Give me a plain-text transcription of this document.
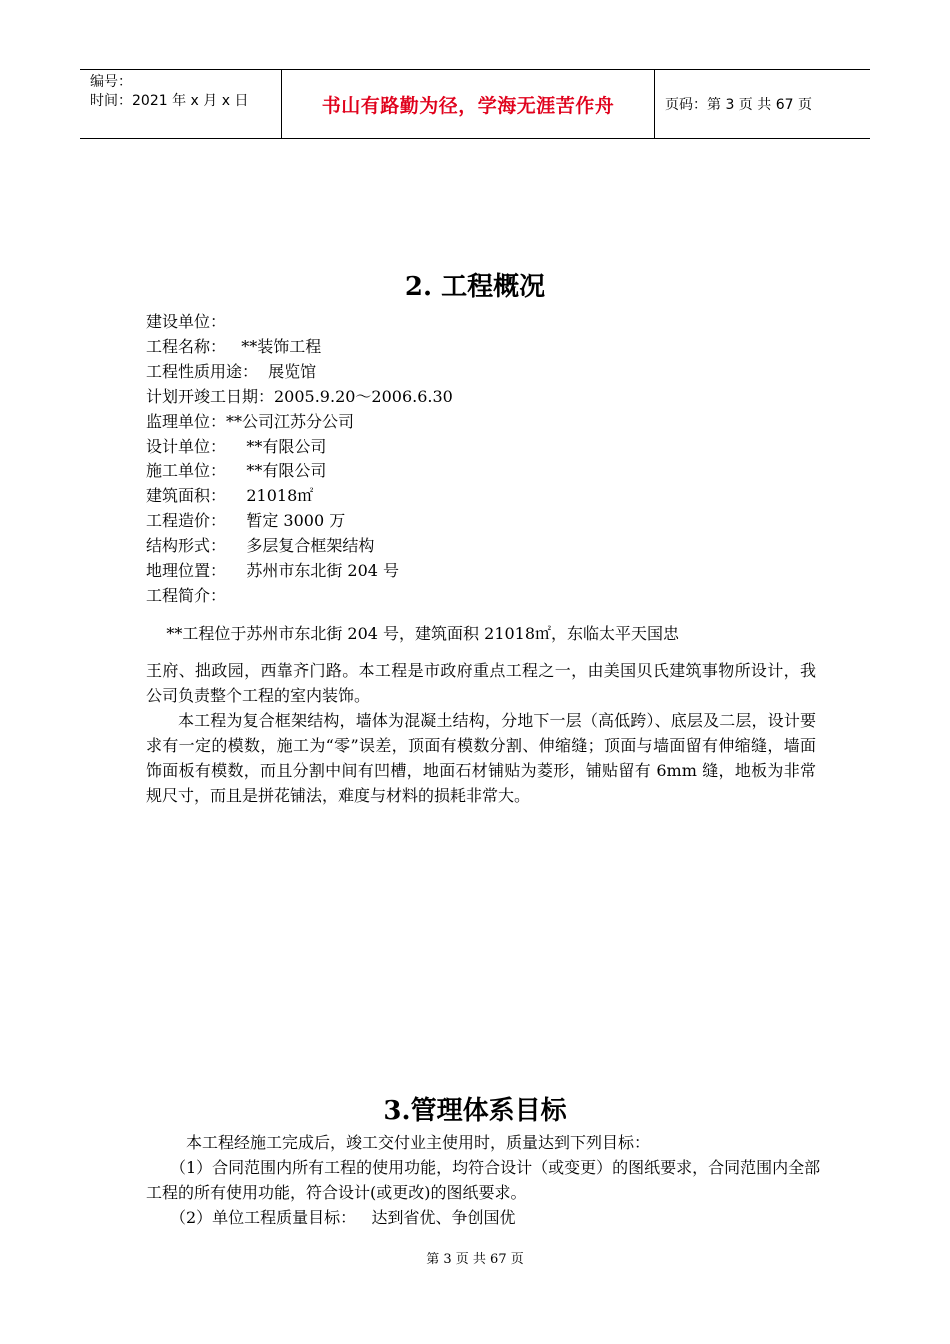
编号：
时间：2021 年 x 月 x 日	书山有路勤为径，学海无涯苦作舟	页码：第 3 页 共 67 页
2. 工程概况
建设单位：
工程名称：   **装饰工程
工程性质用途：  展览馆
计划开竣工日期：2005.9.20～2006.6.30
监理单位：**公司江苏分公司
设计单位：    **有限公司
施工单位：    **有限公司
建筑面积：    21018㎡
工程造价：    暂定 3000 万
结构形式：    多层复合框架结构
地理位置：    苏州市东北街 204 号
工程简介：
**工程位于苏州市东北街 204 号，建筑面积 21018㎡，东临太平天国忠
王府、拙政园，西靠齐门路。本工程是市政府重点工程之一，由美国贝氏建筑事物所设计，我公司负责整个工程的室内装饰。
本工程为复合框架结构，墙体为混凝土结构，分地下一层（高低跨）、底层及二层，设计要求有一定的模数，施工为“零”误差，顶面有模数分割、伸缩缝；顶面与墙面留有伸缩缝，墙面饰面板有模数，而且分割中间有凹槽，地面石材铺贴为菱形，铺贴留有 6mm 缝，地板为非常规尺寸，而且是拼花铺法，难度与材料的损耗非常大。
3.管理体系目标
本工程经施工完成后，竣工交付业主使用时，质量达到下列目标：
（1）合同范围内所有工程的使用功能，均符合设计（或变更）的图纸要求，合同范围内全部工程的所有使用功能，符合设计(或更改)的图纸要求。
（2）单位工程质量目标：   达到省优、争创国优
第 3 页 共 67 页
